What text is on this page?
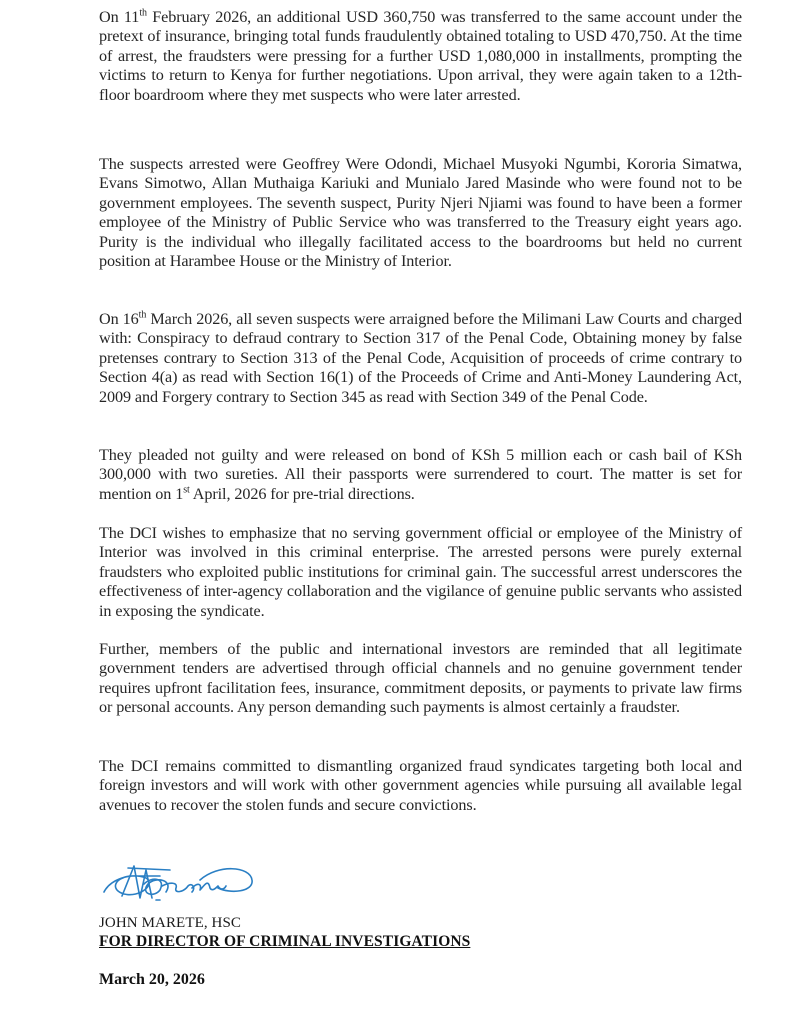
On 11th February 2026, an additional USD 360,750 was transferred to the same account under the pretext of insurance, bringing total funds fraudulently obtained totaling to USD 470,750. At the time of arrest, the fraudsters were pressing for a further USD 1,080,000 in installments, prompting the victims to return to Kenya for further negotiations. Upon arrival, they were again taken to a 12th-floor boardroom where they met suspects who were later arrested.

The suspects arrested were Geoffrey Were Odondi, Michael Musyoki Ngumbi, Kororia Simatwa, Evans Simotwo, Allan Muthaiga Kariuki and Munialo Jared Masinde who were found not to be government employees. The seventh suspect, Purity Njeri Njiami was found to have been a former employee of the Ministry of Public Service who was transferred to the Treasury eight years ago. Purity is the individual who illegally facilitated access to the boardrooms but held no current position at Harambee House or the Ministry of Interior.

On 16th March 2026, all seven suspects were arraigned before the Milimani Law Courts and charged with: Conspiracy to defraud contrary to Section 317 of the Penal Code, Obtaining money by false pretenses contrary to Section 313 of the Penal Code, Acquisition of proceeds of crime contrary to Section 4(a) as read with Section 16(1) of the Proceeds of Crime and Anti-Money Laundering Act, 2009 and Forgery contrary to Section 345 as read with Section 349 of the Penal Code.

They pleaded not guilty and were released on bond of KSh 5 million each or cash bail of KSh 300,000 with two sureties. All their passports were surrendered to court. The matter is set for mention on 1st April, 2026 for pre-trial directions.

The DCI wishes to emphasize that no serving government official or employee of the Ministry of Interior was involved in this criminal enterprise. The arrested persons were purely external fraudsters who exploited public institutions for criminal gain. The successful arrest underscores the effectiveness of inter-agency collaboration and the vigilance of genuine public servants who assisted in exposing the syndicate.

Further, members of the public and international investors are reminded that all legitimate government tenders are advertised through official channels and no genuine government tender requires upfront facilitation fees, insurance, commitment deposits, or payments to private law firms or personal accounts. Any person demanding such payments is almost certainly a fraudster.

The DCI remains committed to dismantling organized fraud syndicates targeting both local and foreign investors and will work with other government agencies while pursuing all available legal avenues to recover the stolen funds and secure convictions.

JOHN MARETE, HSC
FOR DIRECTOR OF CRIMINAL INVESTIGATIONS
March 20, 2026
